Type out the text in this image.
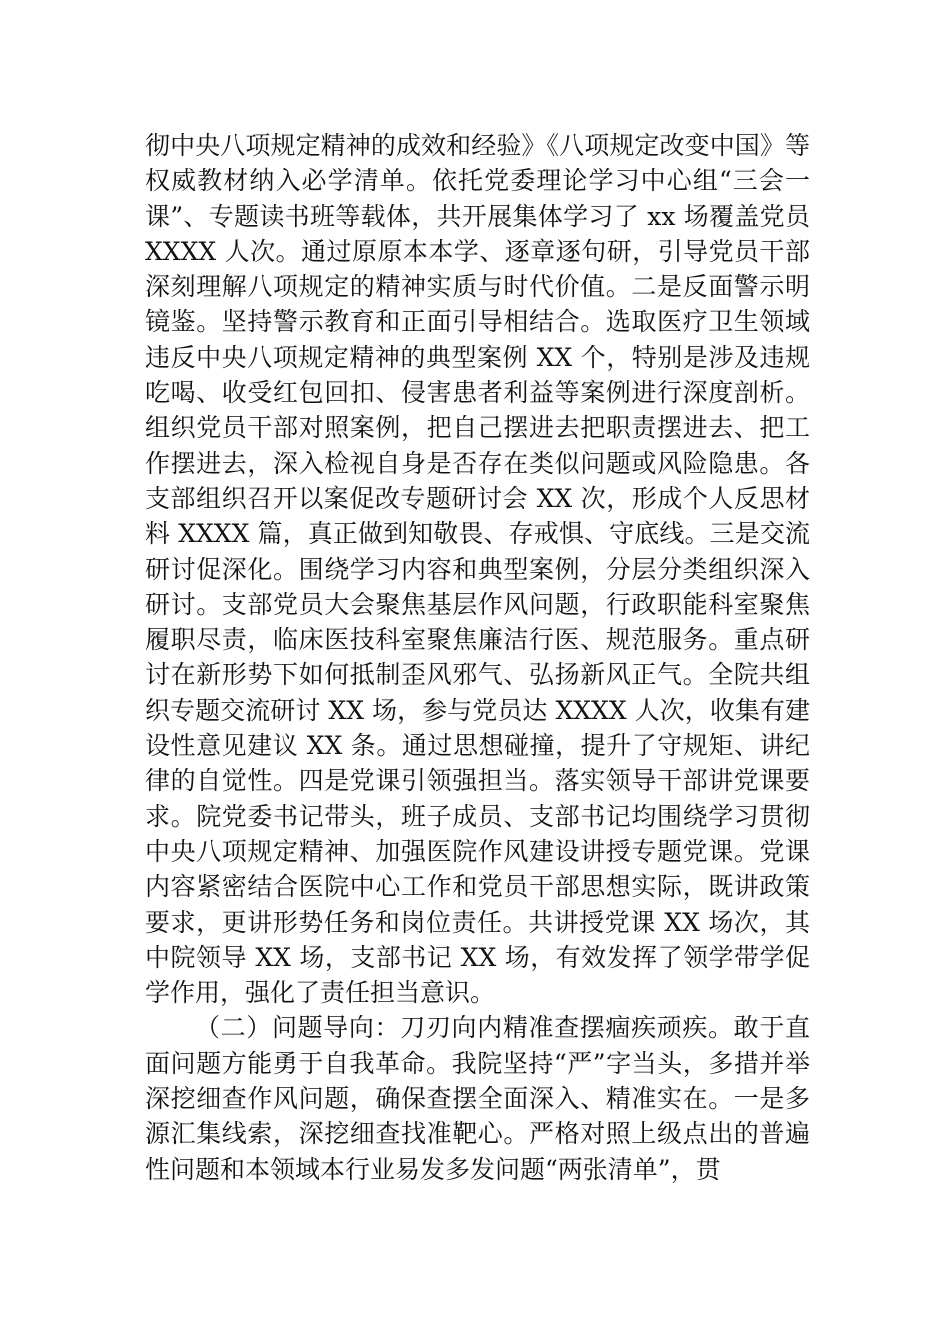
彻中央八项规定精神的成效和经验》《八项规定改变中国》等权威教材纳入必学清单。依托党委理论学习中心组“三会一课”、专题读书班等载体，共开展集体学习了 xx 场覆盖党员 XXXX 人次。通过原原本本学、逐章逐句研，引导党员干部深刻理解八项规定的精神实质与时代价值。二是反面警示明镜鉴。坚持警示教育和正面引导相结合。选取医疗卫生领域违反中央八项规定精神的典型案例 XX 个，特别是涉及违规吃喝、收受红包回扣、侵害患者利益等案例进行深度剖析。组织党员干部对照案例，把自己摆进去把职责摆进去、把工作摆进去，深入检视自身是否存在类似问题或风险隐患。各支部组织召开以案促改专题研讨会 XX 次，形成个人反思材料 XXXX 篇，真正做到知敬畏、存戒惧、守底线。三是交流研讨促深化。围绕学习内容和典型案例，分层分类组织深入研讨。支部党员大会聚焦基层作风问题，行政职能科室聚焦履职尽责，临床医技科室聚焦廉洁行医、规范服务。重点研讨在新形势下如何抵制歪风邪气、弘扬新风正气。全院共组织专题交流研讨 XX 场，参与党员达 XXXX 人次，收集有建设性意见建议 XX 条。通过思想碰撞，提升了守规矩、讲纪律的自觉性。四是党课引领强担当。落实领导干部讲党课要求。院党委书记带头，班子成员、支部书记均围绕学习贯彻中央八项规定精神、加强医院作风建设讲授专题党课。党课内容紧密结合医院中心工作和党员干部思想实际，既讲政策要求，更讲形势任务和岗位责任。共讲授党课 XX 场次，其中院领导 XX 场，支部书记 XX 场，有效发挥了领学带学促学作用，强化了责任担当意识。

（二）问题导向：刀刃向内精准查摆痼疾顽疾。敢于直面问题方能勇于自我革命。我院坚持“严”字当头，多措并举深挖细查作风问题，确保查摆全面深入、精准实在。一是多源汇集线索，深挖细查找准靶心。严格对照上级点出的普遍性问题和本领域本行业易发多发问题“两张清单”，贯
